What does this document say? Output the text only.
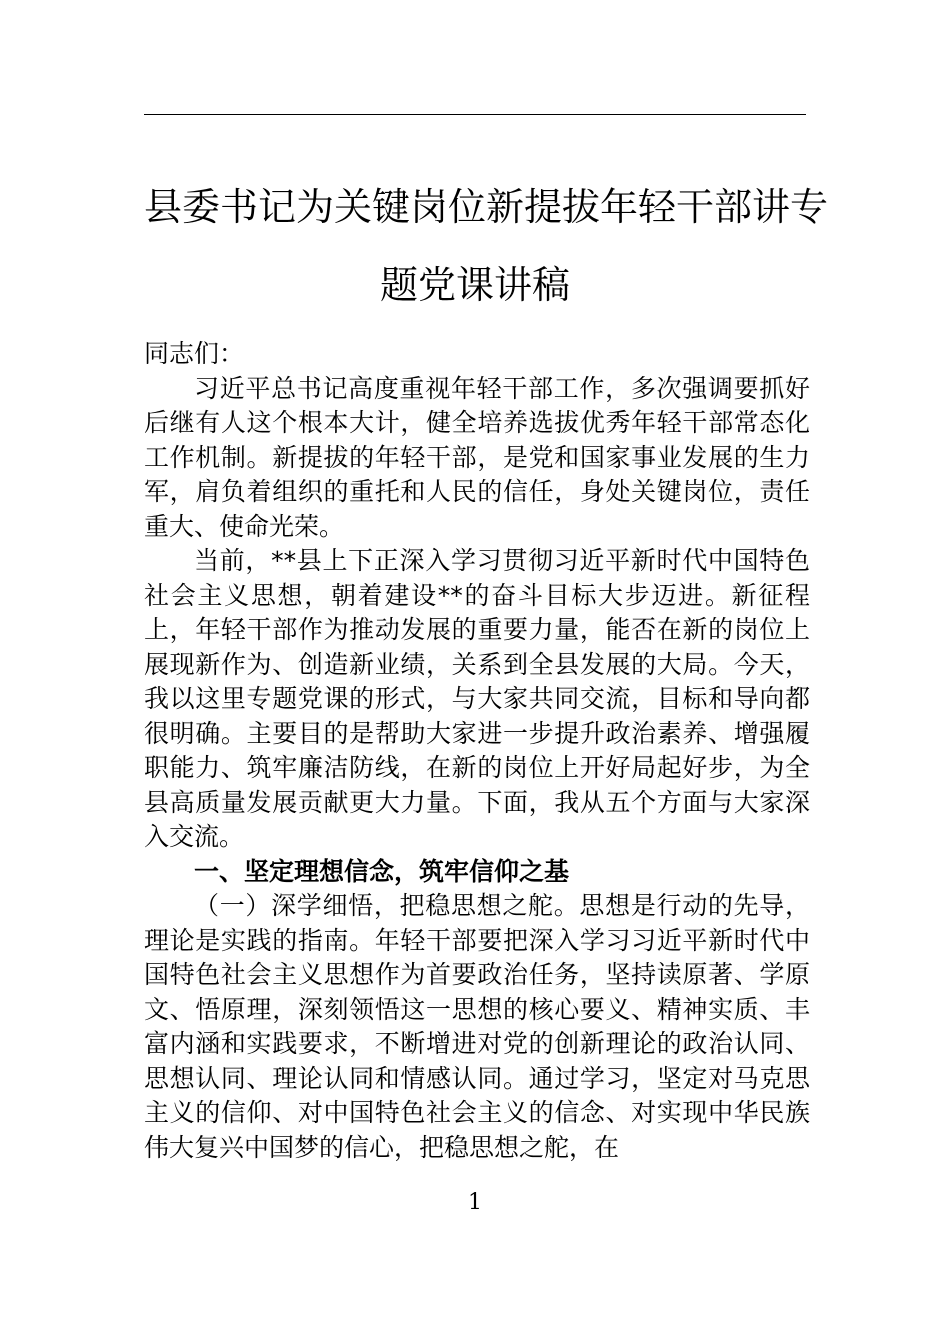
县委书记为关键岗位新提拔年轻干部讲专
题党课讲稿

同志们：

习近平总书记高度重视年轻干部工作，多次强调要抓好后继有人这个根本大计，健全培养选拔优秀年轻干部常态化工作机制。新提拔的年轻干部，是党和国家事业发展的生力军，肩负着组织的重托和人民的信任，身处关键岗位，责任重大、使命光荣。

当前，**县上下正深入学习贯彻习近平新时代中国特色社会主义思想，朝着建设**的奋斗目标大步迈进。新征程上，年轻干部作为推动发展的重要力量，能否在新的岗位上展现新作为、创造新业绩，关系到全县发展的大局。今天，我以这里专题党课的形式，与大家共同交流，目标和导向都很明确。主要目的是帮助大家进一步提升政治素养、增强履职能力、筑牢廉洁防线，在新的岗位上开好局起好步，为全县高质量发展贡献更大力量。下面，我从五个方面与大家深入交流。

一、坚定理想信念，筑牢信仰之基

（一）深学细悟，把稳思想之舵。思想是行动的先导，理论是实践的指南。年轻干部要把深入学习习近平新时代中国特色社会主义思想作为首要政治任务，坚持读原著、学原文、悟原理，深刻领悟这一思想的核心要义、精神实质、丰富内涵和实践要求，不断增进对党的创新理论的政治认同、思想认同、理论认同和情感认同。通过学习，坚定对马克思主义的信仰、对中国特色社会主义的信念、对实现中华民族伟大复兴中国梦的信心，把稳思想之舵，在

1
